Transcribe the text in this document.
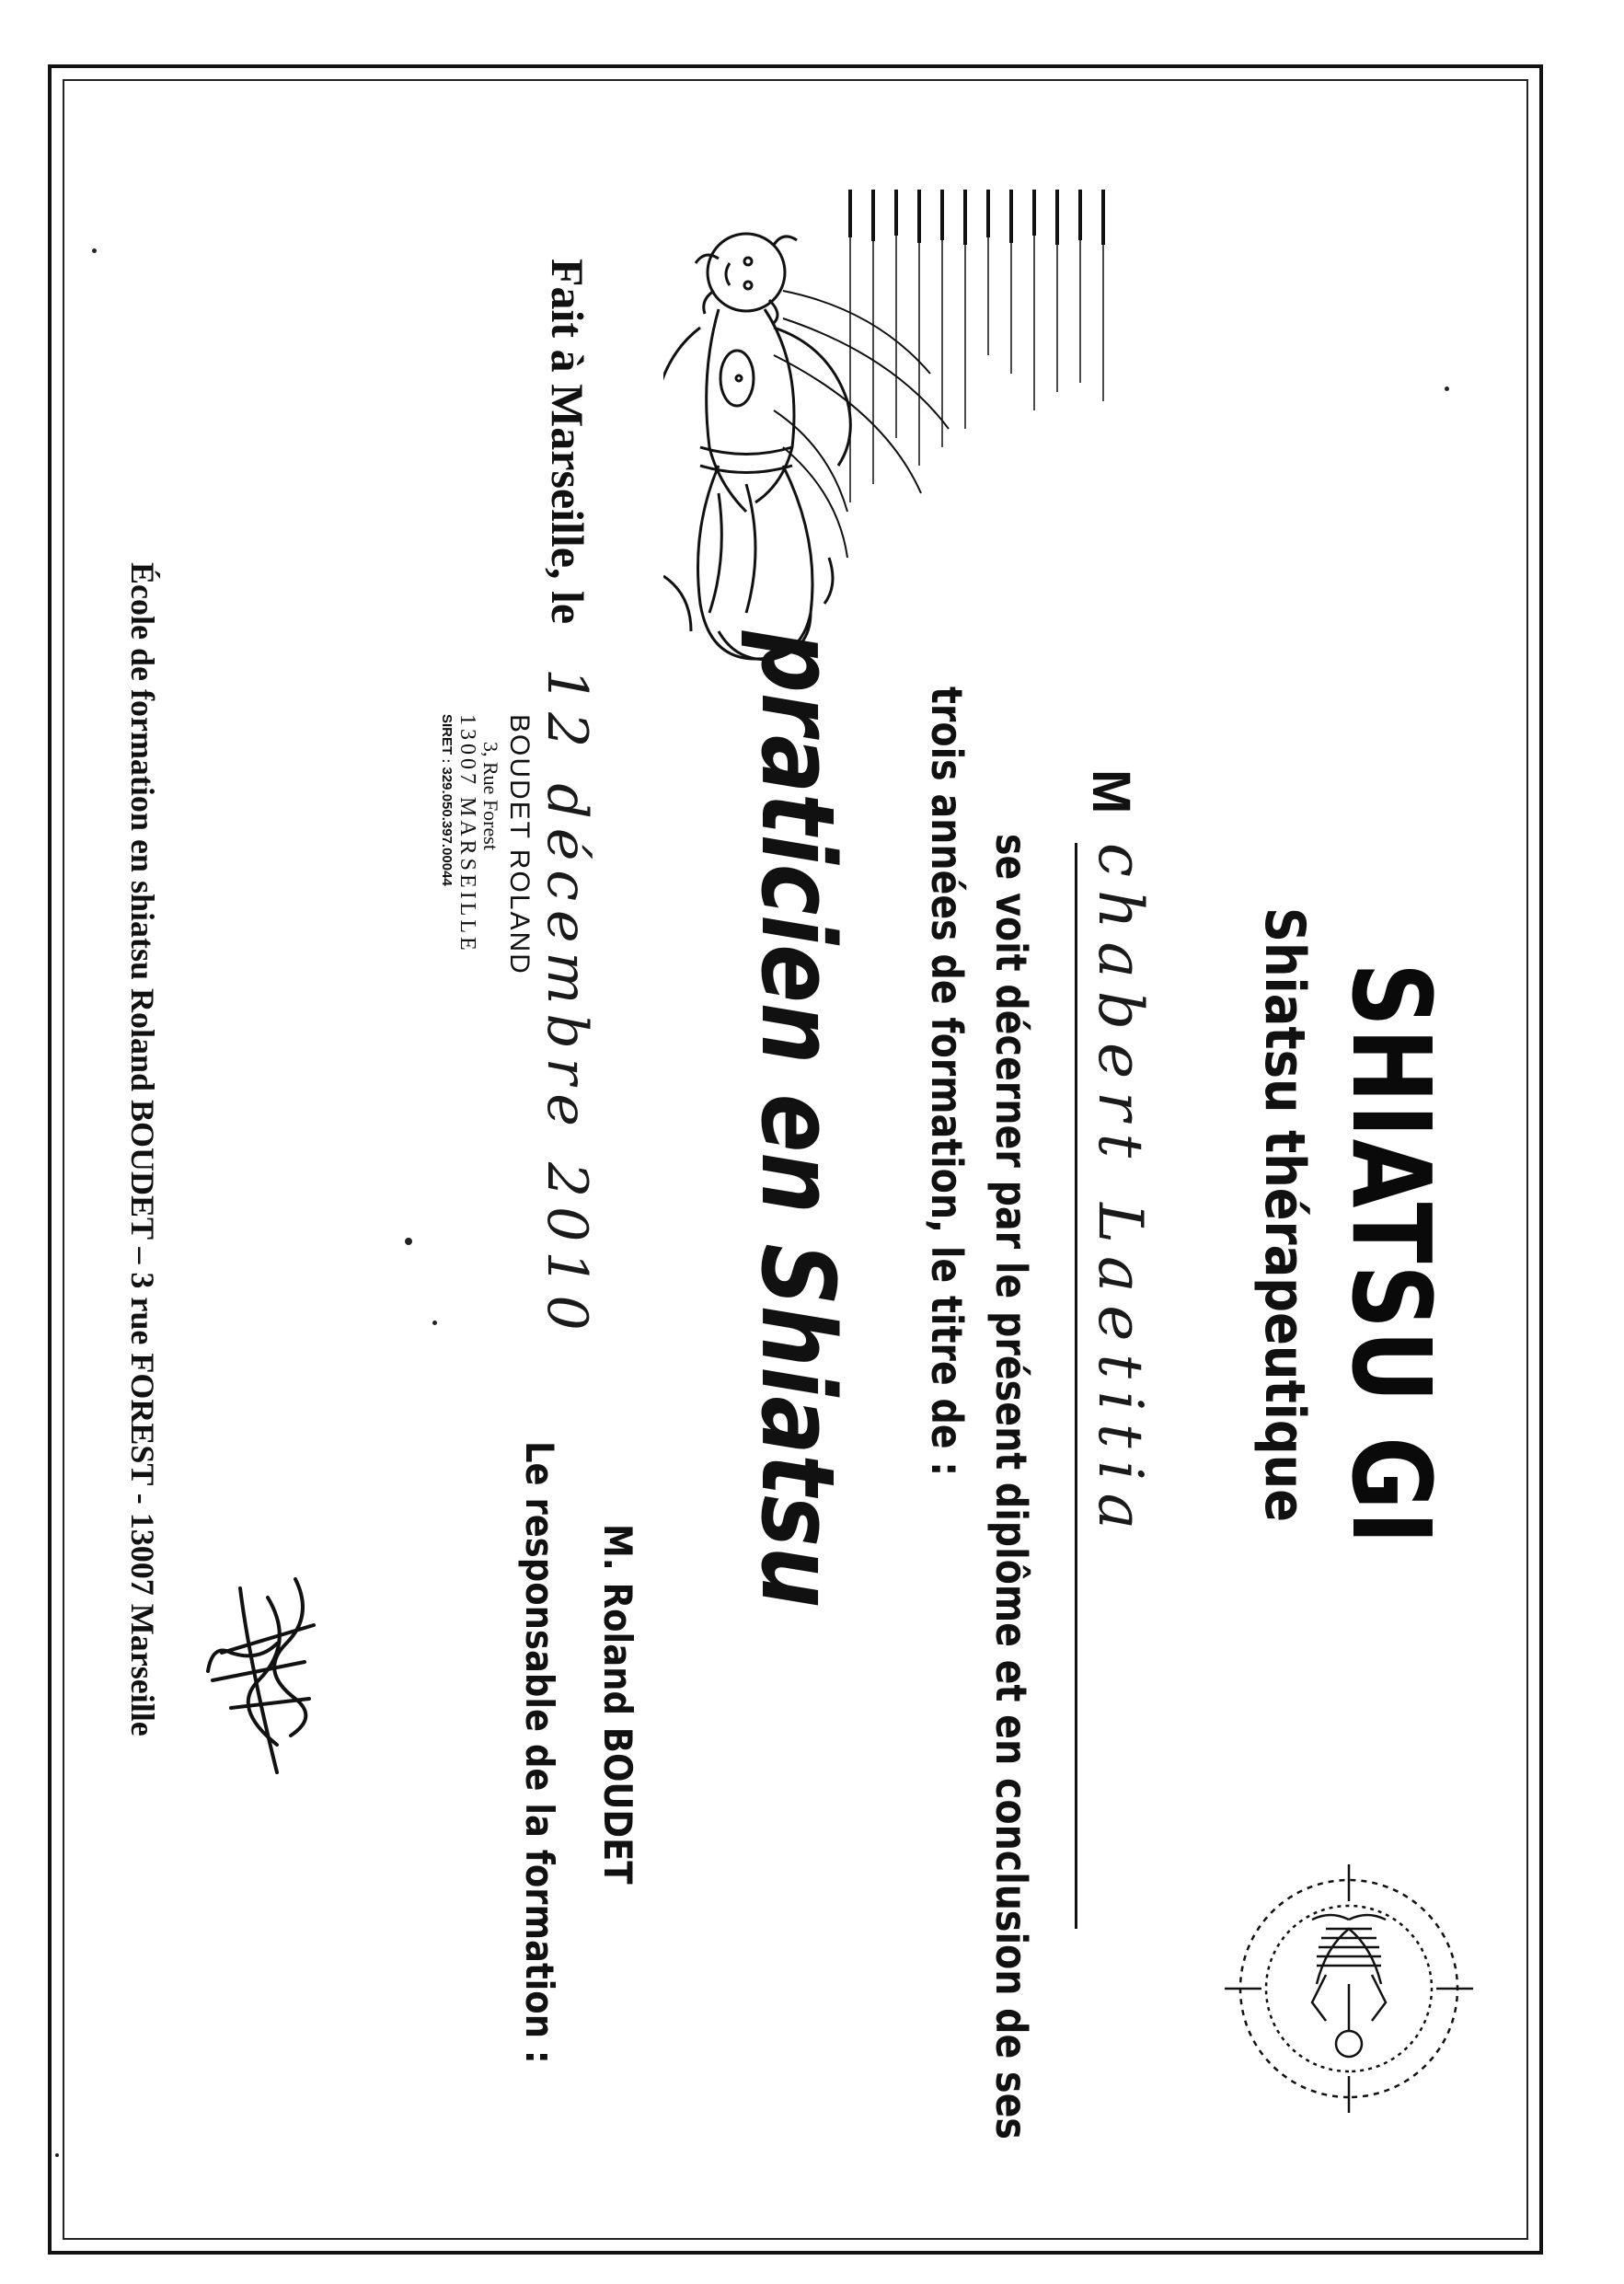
SHIATSU GI
Shiatsu thérapeutique
M
chabert Laetitia
se voit décerner par le présent diplôme et en conclusion de ses
trois années de formation, le titre de :
praticien en Shiatsu
Fait à Marseille, le
12 décembre 2010
Le responsable de la formation : M. Roland BOUDET
BOUDET ROLAND
3, Rue Forest
13007 MARSEILLE
SIRET : 329.050.397.00044
École de formation en shiatsu Roland BOUDET – 3 rue FOREST - 13007 Marseille
